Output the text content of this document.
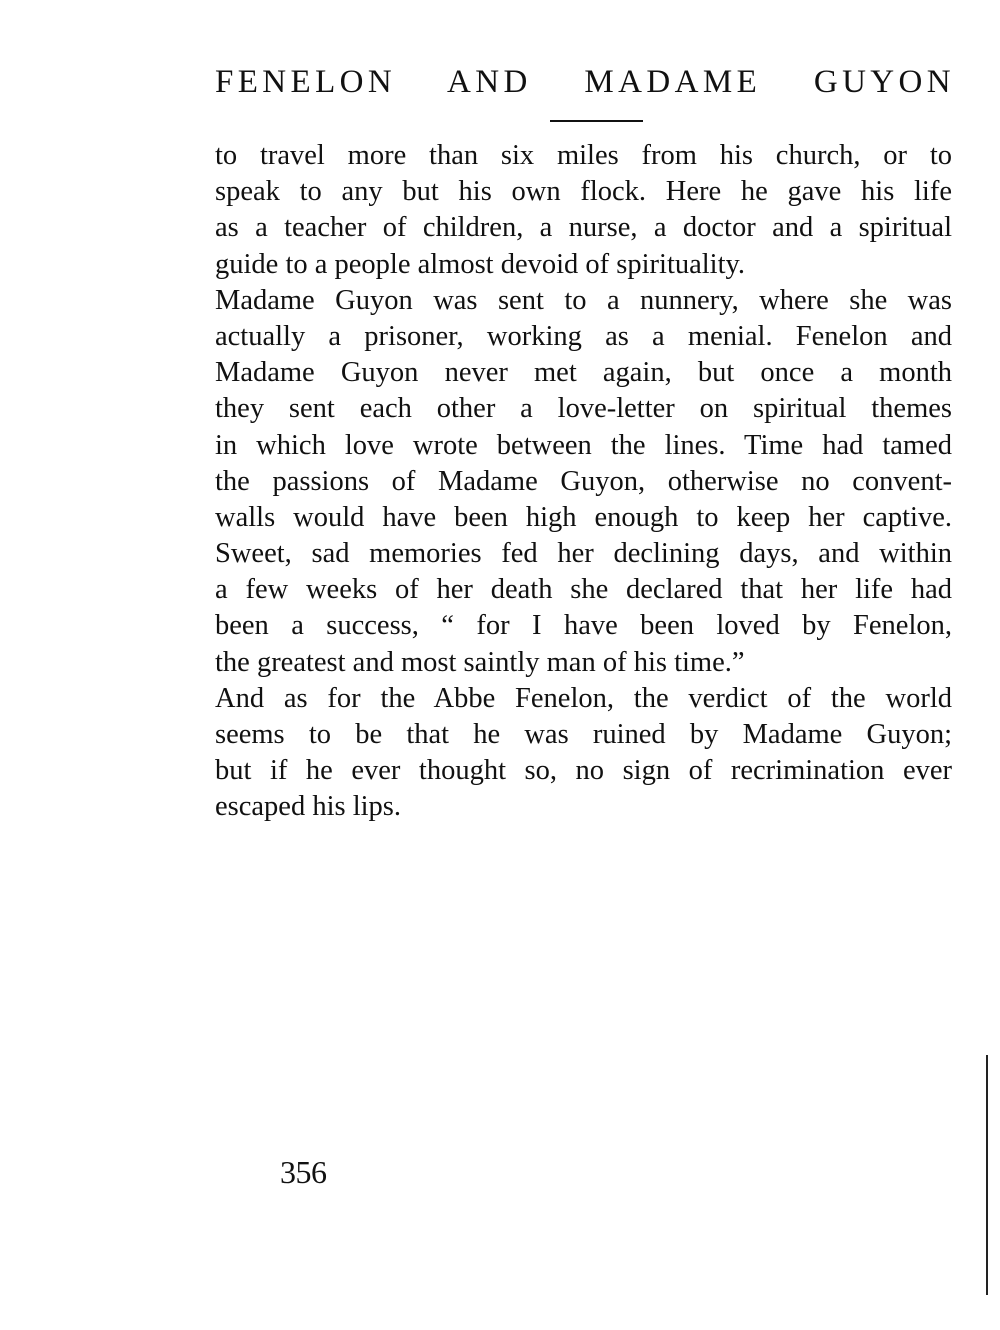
FENELON AND MADAME GUYON
to travel more than six miles from his church, or to
speak to any but his own flock. Here he gave his life
as a teacher of children, a nurse, a doctor and a spiritual
guide to a people almost devoid of spirituality.
Madame Guyon was sent to a nunnery, where she was
actually a prisoner, working as a menial. Fenelon and
Madame Guyon never met again, but once a month
they sent each other a love-letter on spiritual themes
in which love wrote between the lines. Time had tamed
the passions of Madame Guyon, otherwise no convent-
walls would have been high enough to keep her captive.
Sweet, sad memories fed her declining days, and within
a few weeks of her death she declared that her life had
been a success, “ for I have been loved by Fenelon,
the greatest and most saintly man of his time.”
And as for the Abbe Fenelon, the verdict of the world
seems to be that he was ruined by Madame Guyon;
but if he ever thought so, no sign of recrimination ever
escaped his lips.
356
